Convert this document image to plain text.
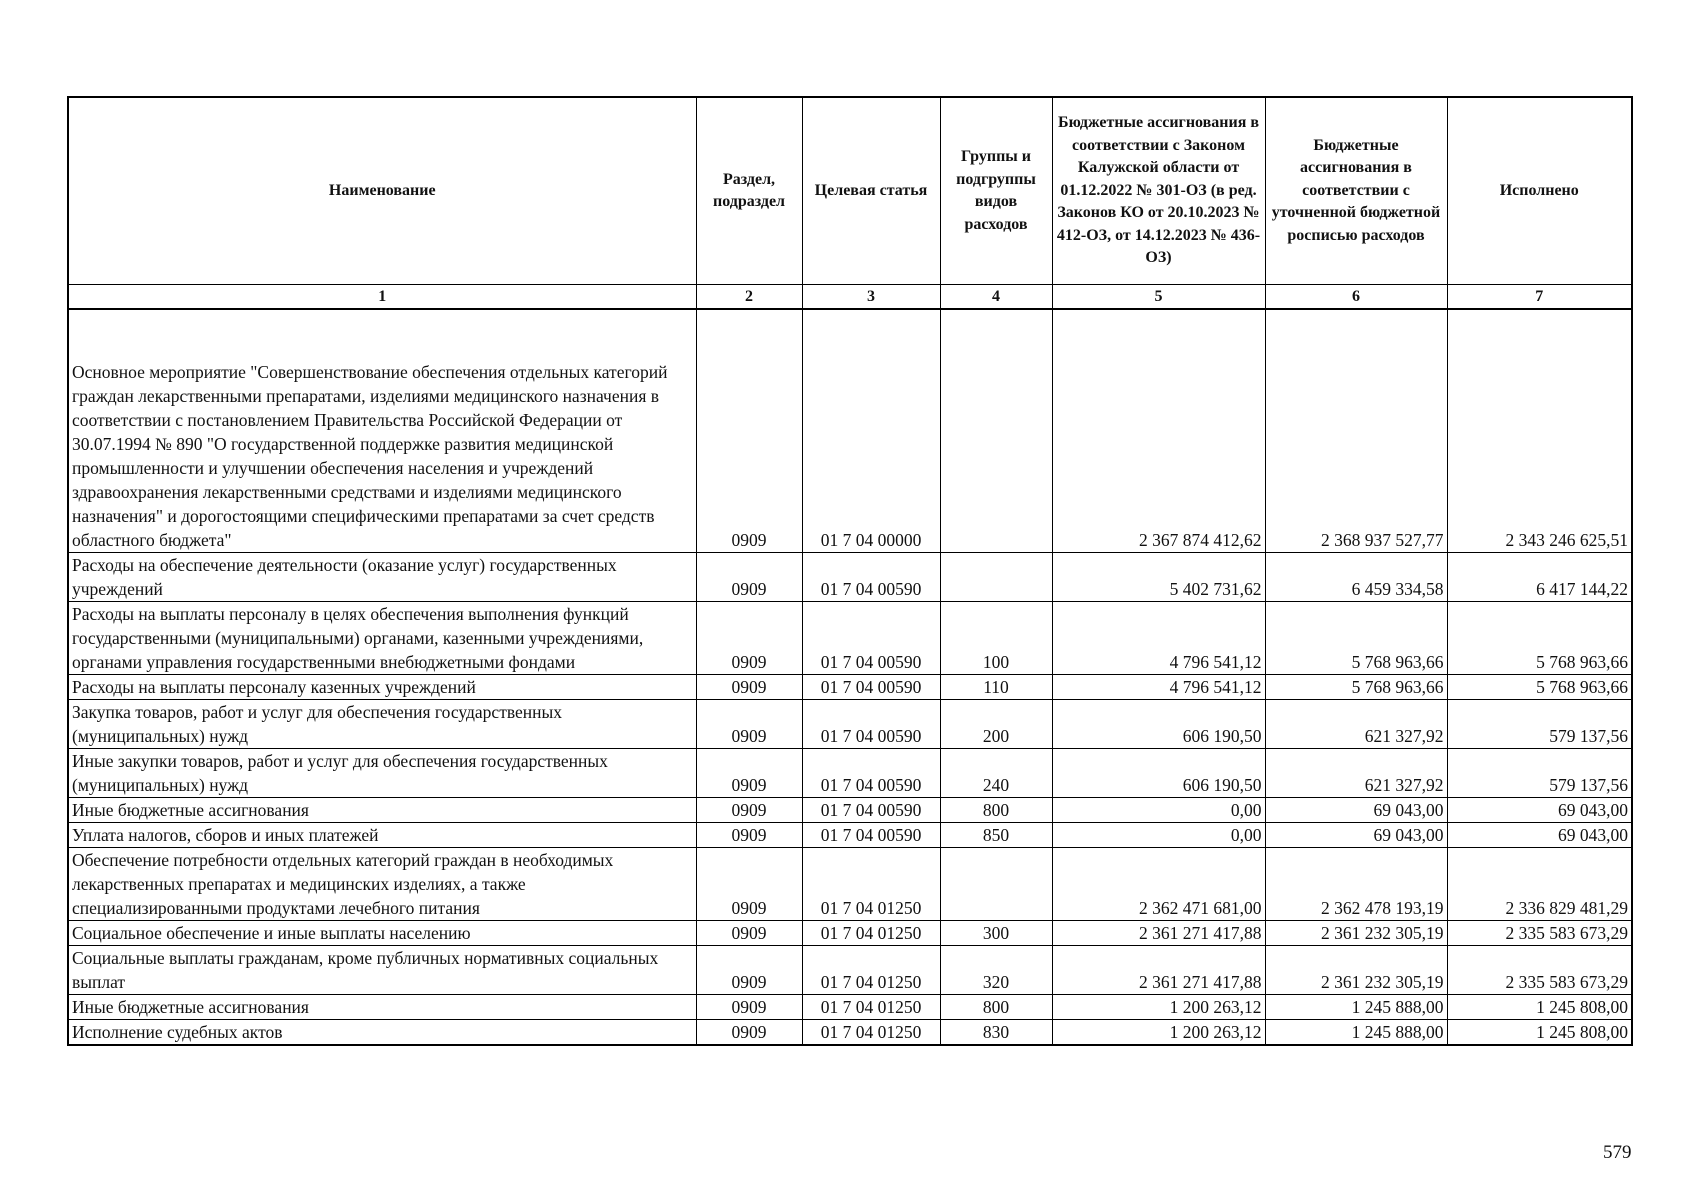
Наименование	Раздел, подраздел	Целевая статья	Группы и подгруппы видов расходов	Бюджетные ассигнования в соответствии с Законом Калужской области от 01.12.2022 № 301-ОЗ (в ред. Законов КО от 20.10.2023 № 412-ОЗ, от 14.12.2023 № 436-ОЗ)	Бюджетные ассигнования в соответствии с уточненной бюджетной росписью расходов	Исполнено
1	2	3	4	5	6	7
Основное мероприятие "Совершенствование обеспечения отдельных категорий граждан лекарственными препаратами, изделиями медицинского назначения в соответствии с постановлением Правительства Российской Федерации от 30.07.1994 № 890 "О государственной поддержке развития медицинской промышленности и улучшении обеспечения населения и учреждений здравоохранения лекарственными средствами и изделиями медицинского назначения" и дорогостоящими специфическими препаратами за счет средств областного бюджета"	0909	01 7 04 00000		2 367 874 412,62	2 368 937 527,77	2 343 246 625,51
Расходы на обеспечение деятельности (оказание услуг) государственных учреждений	0909	01 7 04 00590		5 402 731,62	6 459 334,58	6 417 144,22
Расходы на выплаты персоналу в целях обеспечения выполнения функций государственными (муниципальными) органами, казенными учреждениями, органами управления государственными внебюджетными фондами	0909	01 7 04 00590	100	4 796 541,12	5 768 963,66	5 768 963,66
Расходы на выплаты персоналу казенных учреждений	0909	01 7 04 00590	110	4 796 541,12	5 768 963,66	5 768 963,66
Закупка товаров, работ и услуг для обеспечения государственных (муниципальных) нужд	0909	01 7 04 00590	200	606 190,50	621 327,92	579 137,56
Иные закупки товаров, работ и услуг для обеспечения государственных (муниципальных) нужд	0909	01 7 04 00590	240	606 190,50	621 327,92	579 137,56
Иные бюджетные ассигнования	0909	01 7 04 00590	800	0,00	69 043,00	69 043,00
Уплата налогов, сборов и иных платежей	0909	01 7 04 00590	850	0,00	69 043,00	69 043,00
Обеспечение потребности отдельных категорий граждан в необходимых лекарственных препаратах и медицинских изделиях, а также специализированными продуктами лечебного питания	0909	01 7 04 01250		2 362 471 681,00	2 362 478 193,19	2 336 829 481,29
Социальное обеспечение и иные выплаты населению	0909	01 7 04 01250	300	2 361 271 417,88	2 361 232 305,19	2 335 583 673,29
Социальные выплаты гражданам, кроме публичных нормативных социальных выплат	0909	01 7 04 01250	320	2 361 271 417,88	2 361 232 305,19	2 335 583 673,29
Иные бюджетные ассигнования	0909	01 7 04 01250	800	1 200 263,12	1 245 888,00	1 245 808,00
Исполнение судебных актов	0909	01 7 04 01250	830	1 200 263,12	1 245 888,00	1 245 808,00
579
